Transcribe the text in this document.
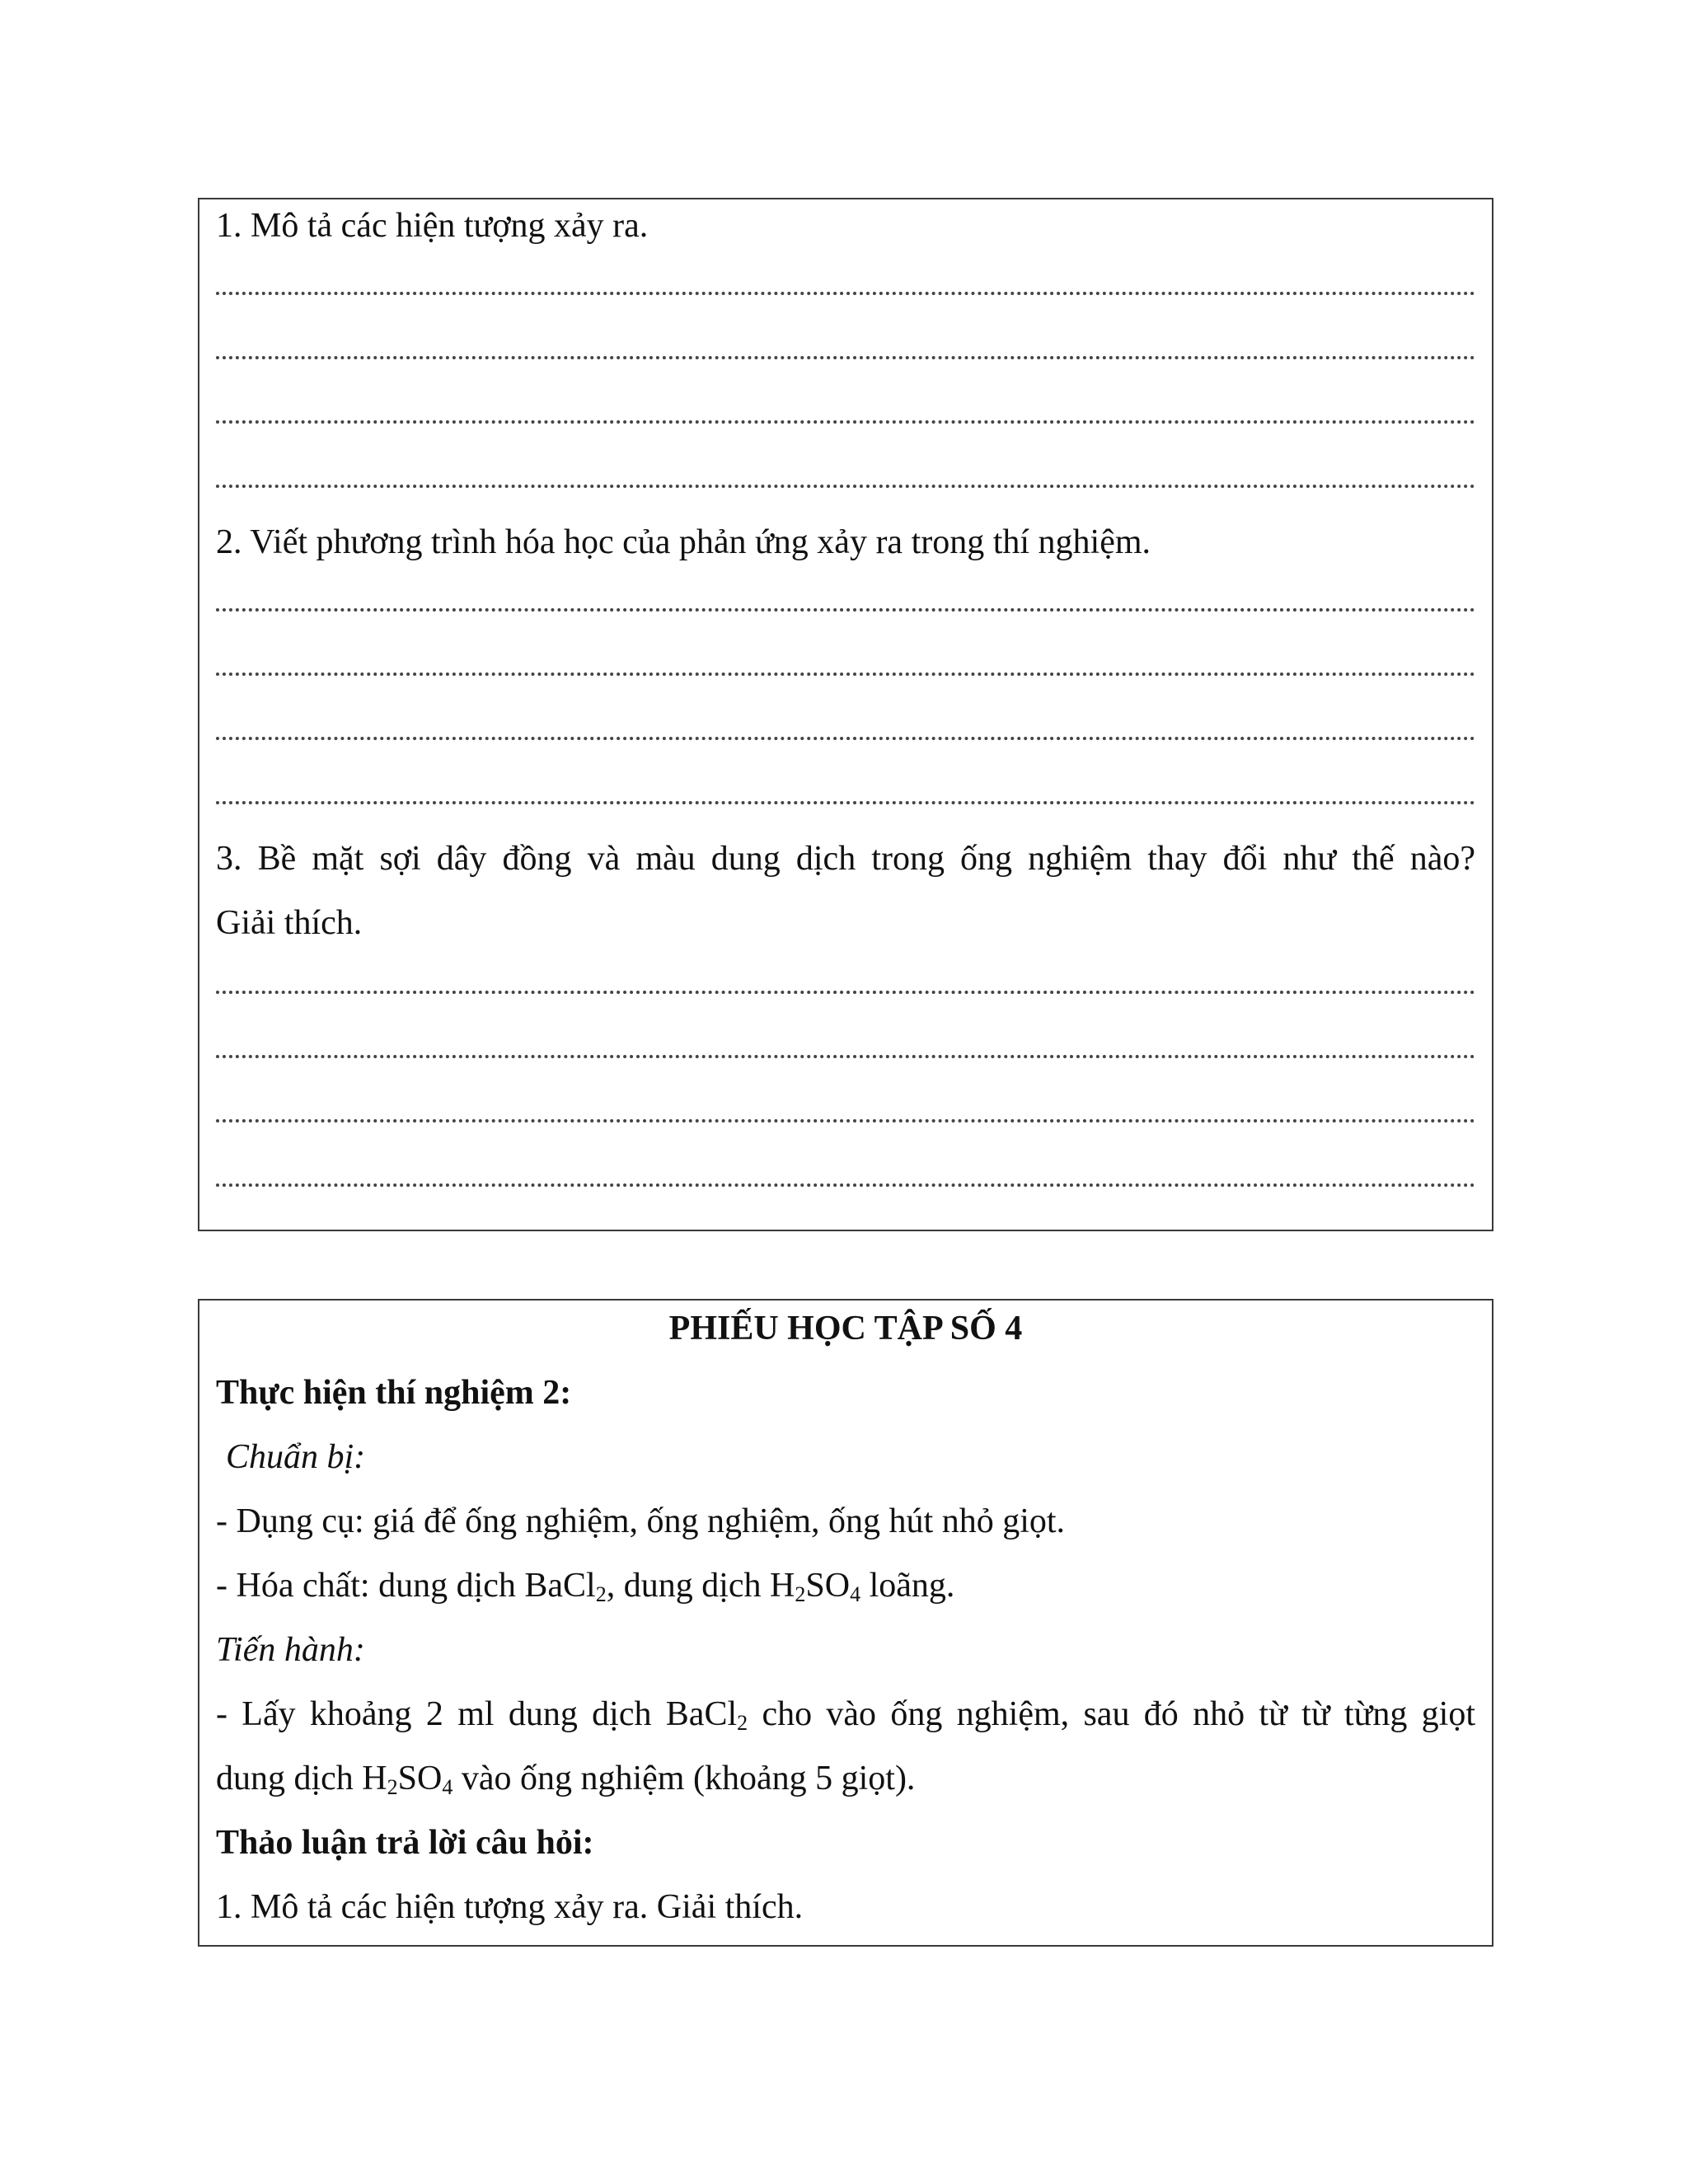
1. Mô tả các hiện tượng xảy ra.

2. Viết phương trình hóa học của phản ứng xảy ra trong thí nghiệm.

3. Bề mặt sợi dây đồng và màu dung dịch trong ống nghiệm thay đổi như thế nào?

Giải thích.

PHIẾU HỌC TẬP SỐ 4

Thực hiện thí nghiệm 2:

Chuẩn bị:

- Dụng cụ: giá để ống nghiệm, ống nghiệm, ống hút nhỏ giọt.

- Hóa chất: dung dịch BaCl$_2$, dung dịch $H_2SO_4$ loãng.

Tiến hành:

- Lấy khoảng 2 ml dung dịch BaCl$_2$ cho vào ống nghiệm, sau đó nhỏ từ từ từng giọt

dung dịch $H_2SO_4$ vào ống nghiệm (khoảng 5 giọt).

Thảo luận trả lời câu hỏi:

1. Mô tả các hiện tượng xảy ra. Giải thích.
